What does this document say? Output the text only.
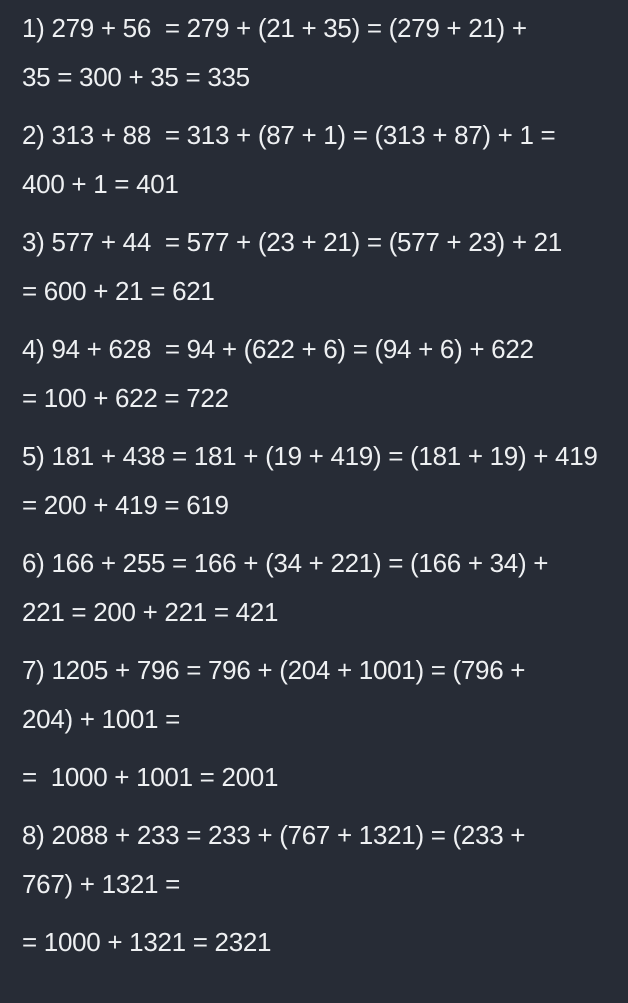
1) 279 + 56  = 279 + (21 + 35) = (279 + 21) +
35 = 300 + 35 = 335
2) 313 + 88  = 313 + (87 + 1) = (313 + 87) + 1 =
400 + 1 = 401
3) 577 + 44  = 577 + (23 + 21) = (577 + 23) + 21
= 600 + 21 = 621
4) 94 + 628  = 94 + (622 + 6) = (94 + 6) + 622
= 100 + 622 = 722
5) 181 + 438 = 181 + (19 + 419) = (181 + 19) + 419
= 200 + 419 = 619
6) 166 + 255 = 166 + (34 + 221) = (166 + 34) +
221 = 200 + 221 = 421
7) 1205 + 796 = 796 + (204 + 1001) = (796 +
204) + 1001 =
=  1000 + 1001 = 2001
8) 2088 + 233 = 233 + (767 + 1321) = (233 +
767) + 1321 =
= 1000 + 1321 = 2321
